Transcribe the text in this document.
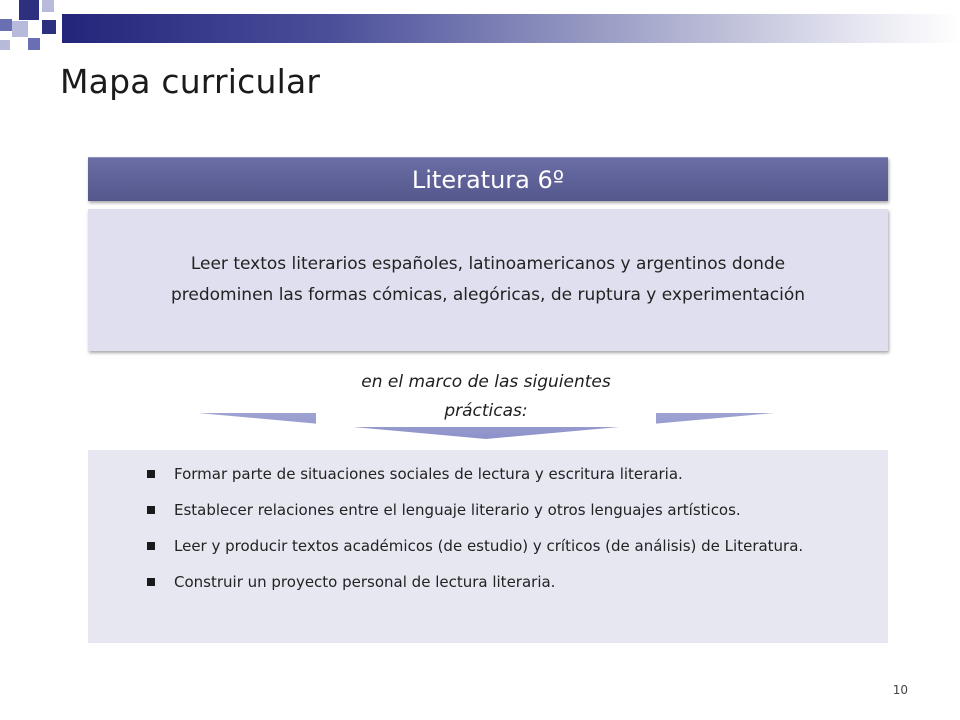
Mapa curricular
Literatura 6º
Leer textos literarios españoles, latinoamericanos y argentinos donde
predominen las formas cómicas, alegóricas, de ruptura y experimentación
en el marco de las siguientes
prácticas:
Formar parte de situaciones sociales de lectura y escritura literaria.
Establecer relaciones entre el lenguaje literario y otros lenguajes artísticos.
Leer y producir textos académicos (de estudio) y críticos (de análisis) de Literatura.
Construir un proyecto personal de lectura literaria.
10
